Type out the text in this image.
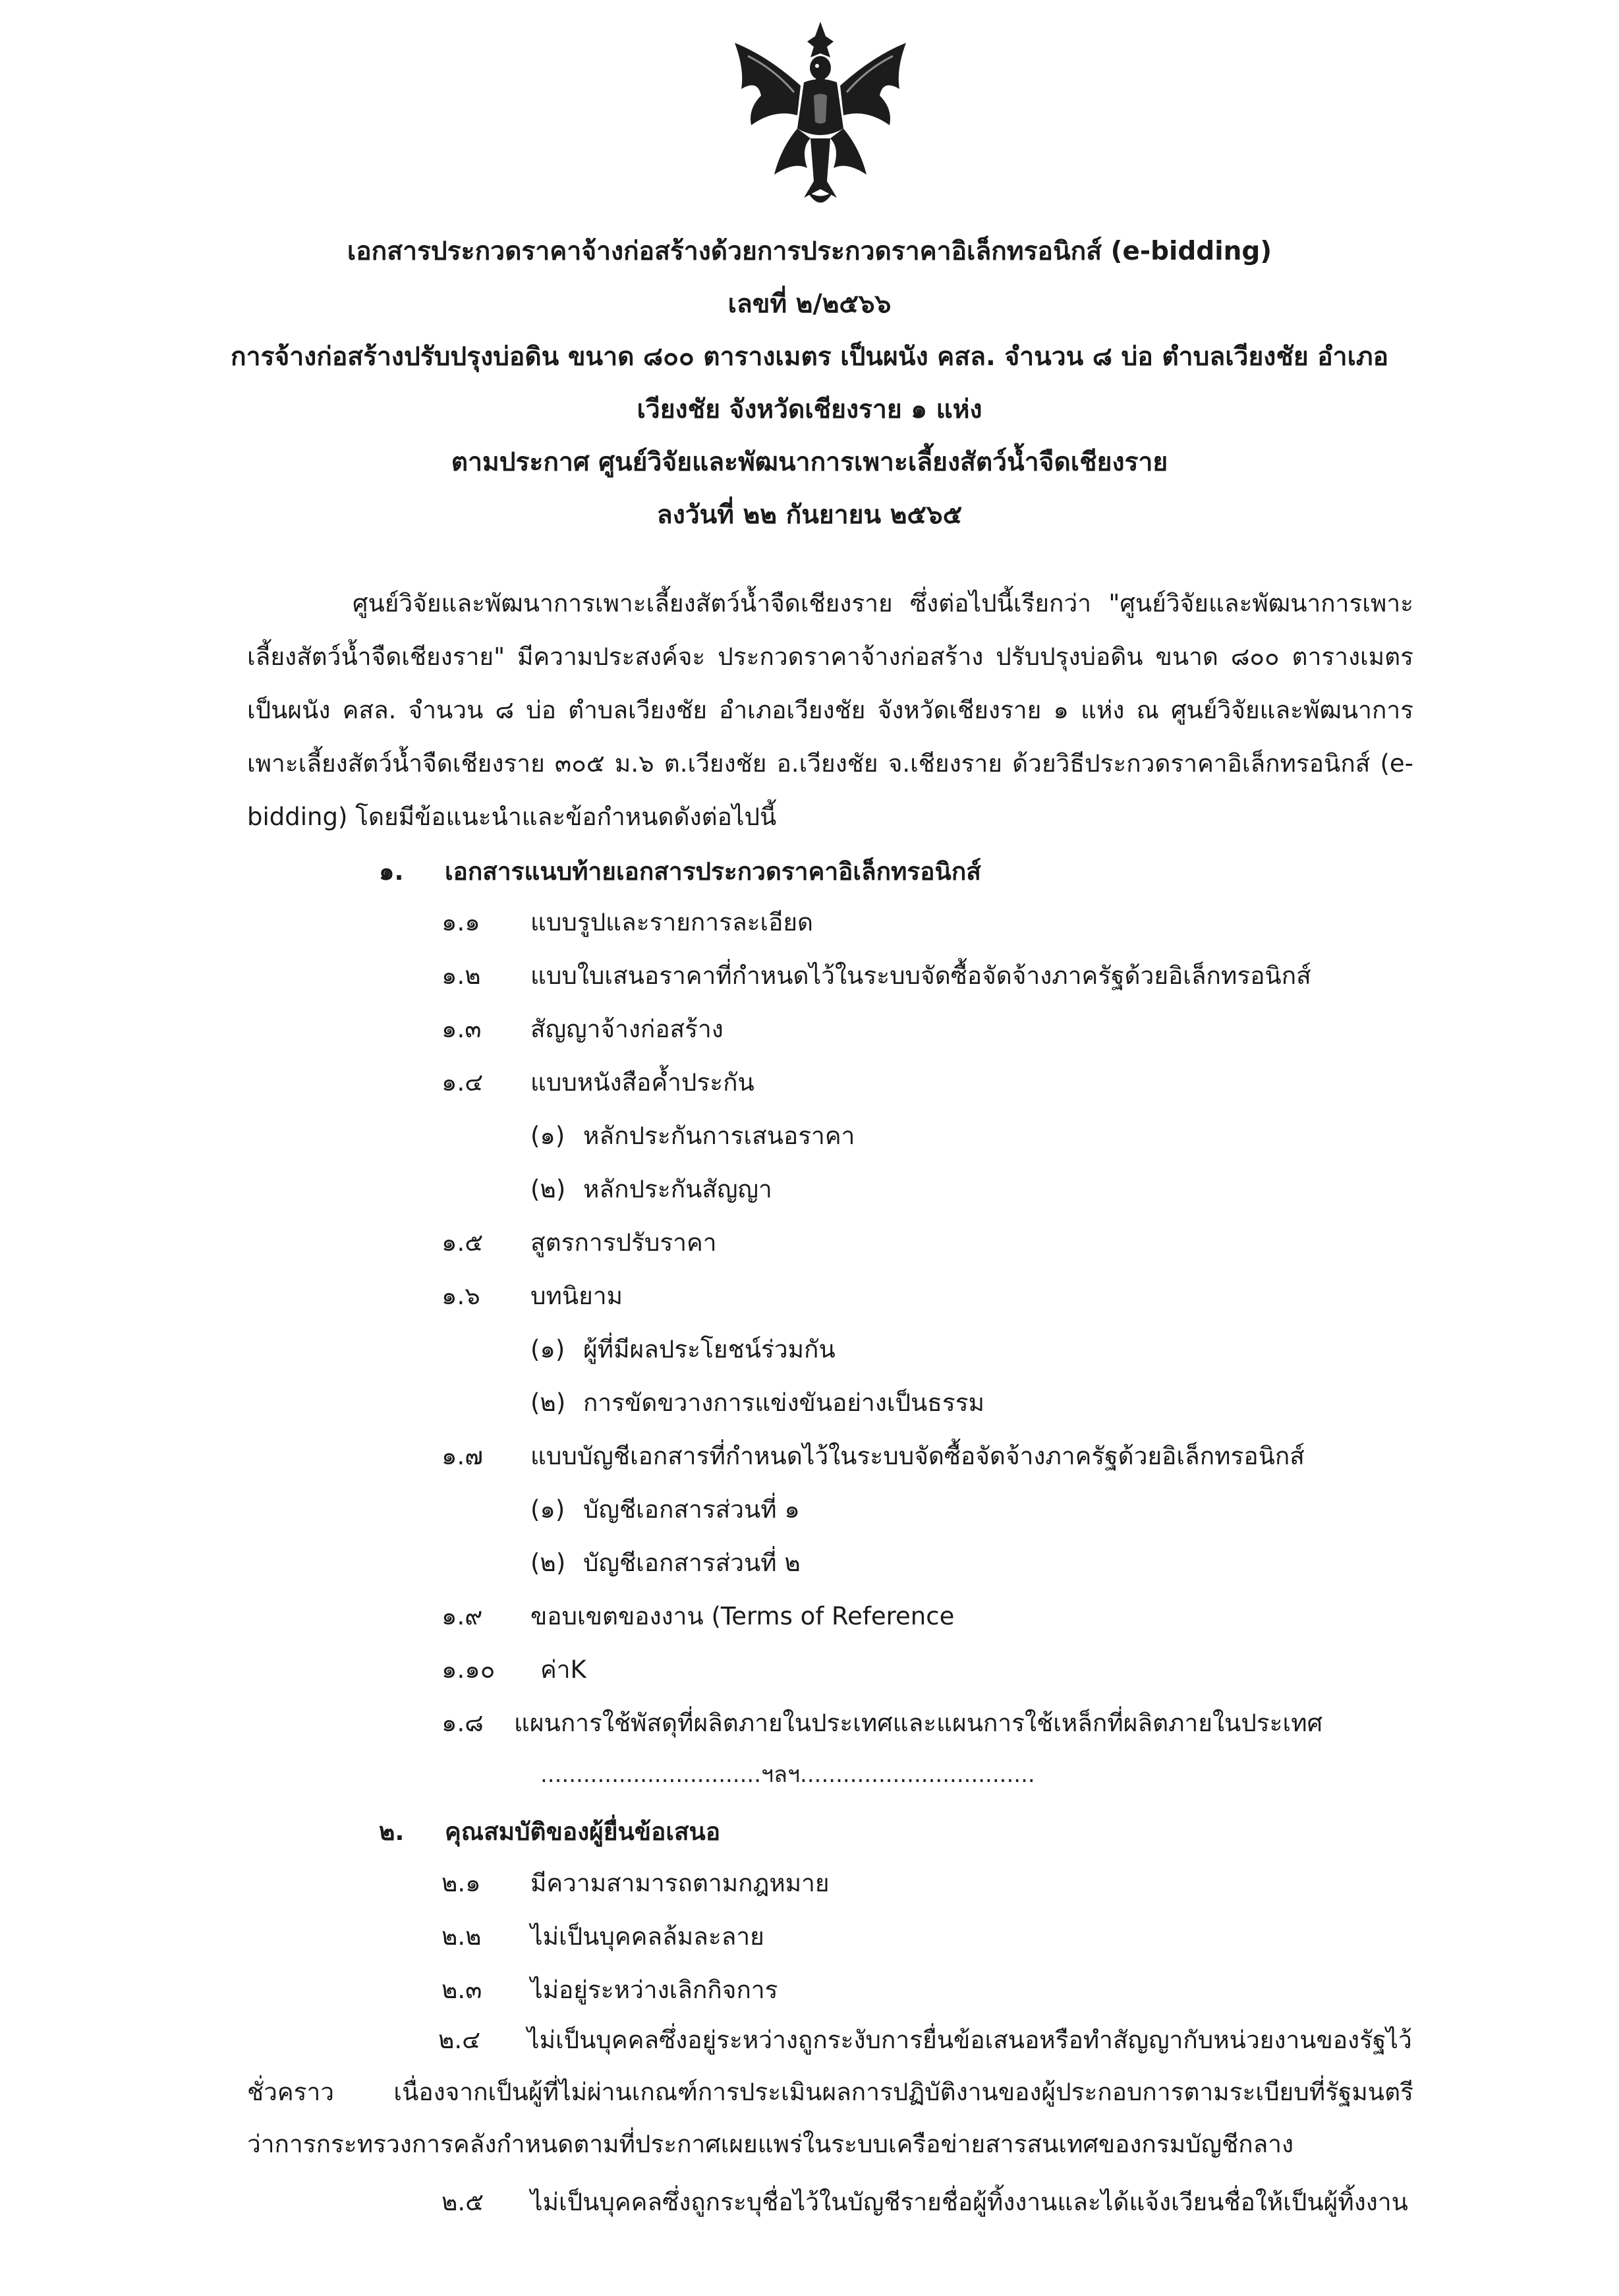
เอกสารประกวดราคาจ้างก่อสร้างด้วยการประกวดราคาอิเล็กทรอนิกส์ (e-bidding)
เลขที่ ๒/๒๕๖๖
การจ้างก่อสร้างปรับปรุงบ่อดิน ขนาด ๘๐๐ ตารางเมตร เป็นผนัง คสล. จำนวน ๘ บ่อ ตำบลเวียงชัย อำเภอ
เวียงชัย จังหวัดเชียงราย ๑ แห่ง
ตามประกาศ ศูนย์วิจัยและพัฒนาการเพาะเลี้ยงสัตว์น้ำจืดเชียงราย
ลงวันที่ ๒๒ กันยายน ๒๕๖๕
ศูนย์วิจัยและพัฒนาการเพาะเลี้ยงสัตว์น้ำจืดเชียงราย ซึ่งต่อไปนี้เรียกว่า "ศูนย์วิจัยและพัฒนาการเพาะเลี้ยงสัตว์น้ำจืดเชียงราย" มีความประสงค์จะ ประกวดราคาจ้างก่อสร้าง ปรับปรุงบ่อดิน ขนาด ๘๐๐ ตารางเมตร เป็นผนัง คสล. จำนวน ๘ บ่อ ตำบลเวียงชัย อำเภอเวียงชัย จังหวัดเชียงราย ๑ แห่ง ณ ศูนย์วิจัยและพัฒนาการเพาะเลี้ยงสัตว์น้ำจืดเชียงราย ๓๐๕ ม.๖ ต.เวียงชัย อ.เวียงชัย จ.เชียงราย ด้วยวิธีประกวดราคาอิเล็กทรอนิกส์ (e-bidding) โดยมีข้อแนะนำและข้อกำหนดดังต่อไปนี้
๑. เอกสารแนบท้ายเอกสารประกวดราคาอิเล็กทรอนิกส์
๑.๑ แบบรูปและรายการละเอียด
๑.๒ แบบใบเสนอราคาที่กำหนดไว้ในระบบจัดซื้อจัดจ้างภาครัฐด้วยอิเล็กทรอนิกส์
๑.๓ สัญญาจ้างก่อสร้าง
๑.๔ แบบหนังสือค้ำประกัน
(๑) หลักประกันการเสนอราคา
(๒) หลักประกันสัญญา
๑.๕ สูตรการปรับราคา
๑.๖ บทนิยาม
(๑) ผู้ที่มีผลประโยชน์ร่วมกัน
(๒) การขัดขวางการแข่งขันอย่างเป็นธรรม
๑.๗ แบบบัญชีเอกสารที่กำหนดไว้ในระบบจัดซื้อจัดจ้างภาครัฐด้วยอิเล็กทรอนิกส์
(๑) บัญชีเอกสารส่วนที่ ๑
(๒) บัญชีเอกสารส่วนที่ ๒
๑.๙ ขอบเขตของงาน (Terms of Reference
๑.๑๐ ค่าK
๑.๘ แผนการใช้พัสดุที่ผลิตภายในประเทศและแผนการใช้เหล็กที่ผลิตภายในประเทศ
...............................ฯลฯ.................................
๒. คุณสมบัติของผู้ยื่นข้อเสนอ
๒.๑ มีความสามารถตามกฎหมาย
๒.๒ ไม่เป็นบุคคลล้มละลาย
๒.๓ ไม่อยู่ระหว่างเลิกกิจการ
๒.๔ ไม่เป็นบุคคลซึ่งอยู่ระหว่างถูกระงับการยื่นข้อเสนอหรือทำสัญญากับหน่วยงานของรัฐไว้ชั่วคราว เนื่องจากเป็นผู้ที่ไม่ผ่านเกณฑ์การประเมินผลการปฏิบัติงานของผู้ประกอบการตามระเบียบที่รัฐมนตรีว่าการกระทรวงการคลังกำหนดตามที่ประกาศเผยแพร่ในระบบเครือข่ายสารสนเทศของกรมบัญชีกลาง
๒.๕ ไม่เป็นบุคคลซึ่งถูกระบุชื่อไว้ในบัญชีรายชื่อผู้ทิ้งงานและได้แจ้งเวียนชื่อให้เป็นผู้ทิ้งงาน
